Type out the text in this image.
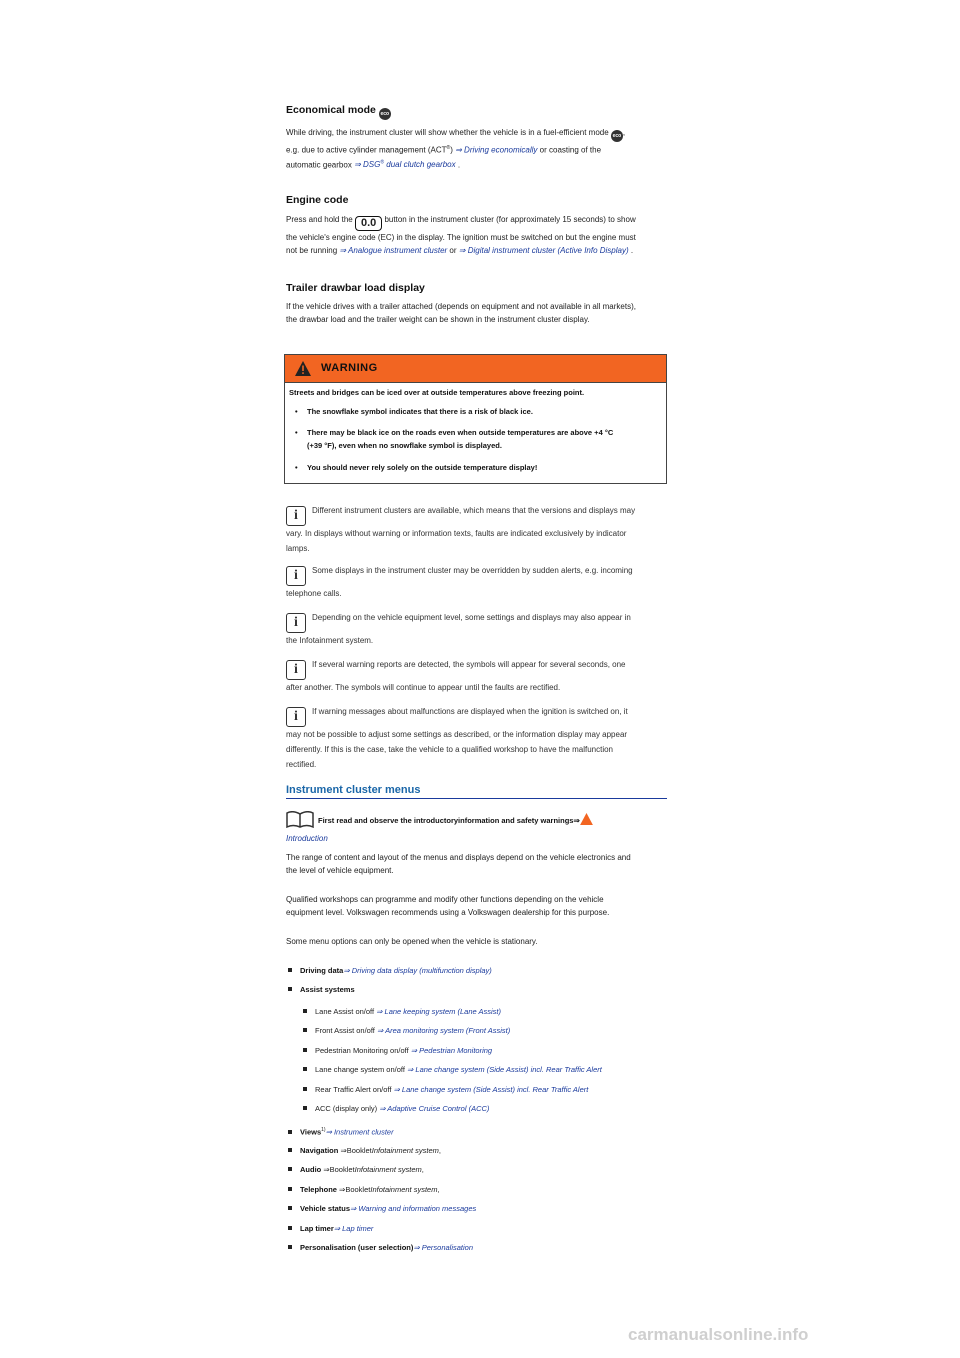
Economical mode eco

While driving, the instrument cluster will show whether the vehicle is in a fuel-efficient mode eco ,
e.g. due to active cylinder management (ACT®) ⇒ Driving economically or coasting of the
automatic gearbox ⇒ DSG® dual clutch gearbox .

Engine code

Press and hold the 0.0 button in the instrument cluster (for approximately 15 seconds) to show
the vehicle's engine code (EC) in the display. The ignition must be switched on but the engine must
not be running ⇒ Analogue instrument cluster or ⇒ Digital instrument cluster (Active Info Display) .

Trailer drawbar load display

If the vehicle drives with a trailer attached (depends on equipment and not available in all markets),
the drawbar load and the trailer weight can be shown in the instrument cluster display.

WARNING
Streets and bridges can be iced over at outside temperatures above freezing point.
• The snowflake symbol indicates that there is a risk of black ice.
• There may be black ice on the roads even when outside temperatures are above +4 °C
(+39 °F), even when no snowflake symbol is displayed.
• You should never rely solely on the outside temperature display!
i Different instrument clusters are available, which means that the versions and displays may
vary. In displays without warning or information texts, faults are indicated exclusively by indicator
lamps.
i Some displays in the instrument cluster may be overridden by sudden alerts, e.g. incoming
telephone calls.
i Depending on the vehicle equipment level, some settings and displays may also appear in
the Infotainment system.
i If several warning reports are detected, the symbols will appear for several seconds, one
after another. The symbols will continue to appear until the faults are rectified.
i If warning messages about malfunctions are displayed when the ignition is switched on, it
may not be possible to adjust some settings as described, or the information display may appear
differently. If this is the case, take the vehicle to a qualified workshop to have the malfunction
rectified.
Instrument cluster menus
First read and observe the introductoryinformation and safety warnings⇒
Introduction

The range of content and layout of the menus and displays depend on the vehicle electronics and
the level of vehicle equipment.

Qualified workshops can programme and modify other functions depending on the vehicle
equipment level. Volkswagen recommends using a Volkswagen dealership for this purpose.

Some menu options can only be opened when the vehicle is stationary.

Driving data⇒ Driving data display (multifunction display)
Assist systems
Lane Assist on/off ⇒ Lane keeping system (Lane Assist)
Front Assist on/off ⇒ Area monitoring system (Front Assist)
Pedestrian Monitoring on/off ⇒ Pedestrian Monitoring
Lane change system on/off ⇒ Lane change system (Side Assist) incl. Rear Traffic Alert
Rear Traffic Alert on/off ⇒ Lane change system (Side Assist) incl. Rear Traffic Alert
ACC (display only) ⇒ Adaptive Cruise Control (ACC)
Views$^{1)}$⇒ Instrument cluster
Navigation ⇒BookletInfotainment system,
Audio ⇒BookletInfotainment system,
Telephone ⇒BookletInfotainment system,
Vehicle status⇒ Warning and information messages
Lap timer⇒ Lap timer
Personalisation (user selection)⇒ Personalisation
carmanualsonline.info
